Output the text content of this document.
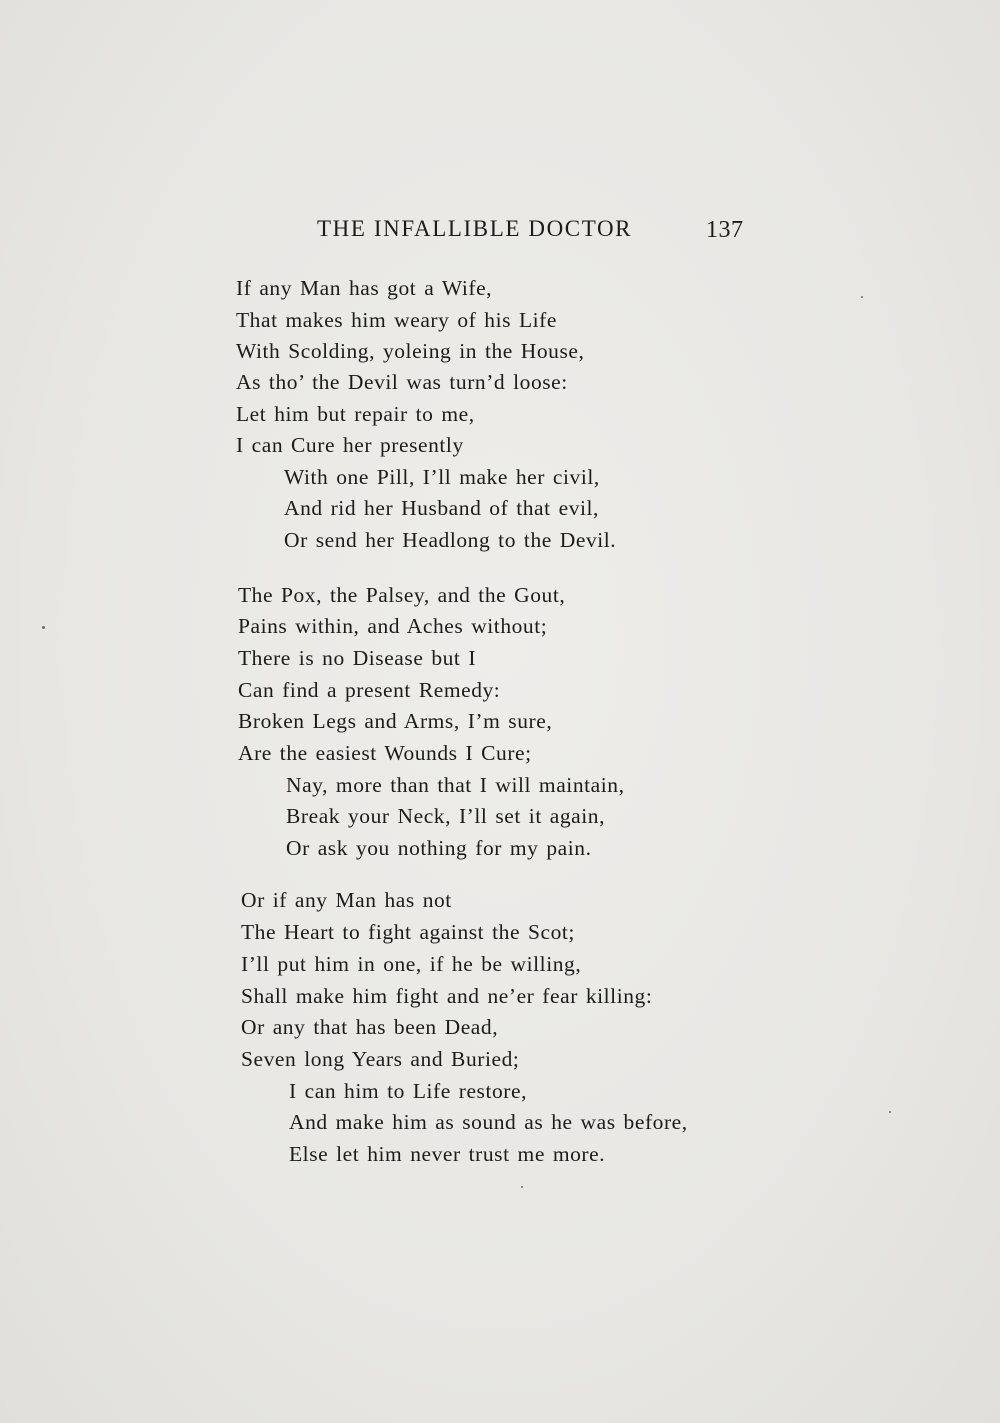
THE INFALLIBLE DOCTOR	137
If any Man has got a Wife,
That makes him weary of his Life
With Scolding, yoleing in the House,
As tho’ the Devil was turn’d loose:
Let him but repair to me,
I can Cure her presently
With one Pill, I’ll make her civil,
And rid her Husband of that evil,
Or send her Headlong to the Devil.
The Pox, the Palsey, and the Gout,
Pains within, and Aches without;
There is no Disease but I
Can find a present Remedy:
Broken Legs and Arms, I’m sure,
Are the easiest Wounds I Cure;
Nay, more than that I will maintain,
Break your Neck, I’ll set it again,
Or ask you nothing for my pain.
Or if any Man has not
The Heart to fight against the Scot;
I’ll put him in one, if he be willing,
Shall make him fight and ne’er fear killing:
Or any that has been Dead,
Seven long Years and Buried;
I can him to Life restore,
And make him as sound as he was before,
Else let him never trust me more.
